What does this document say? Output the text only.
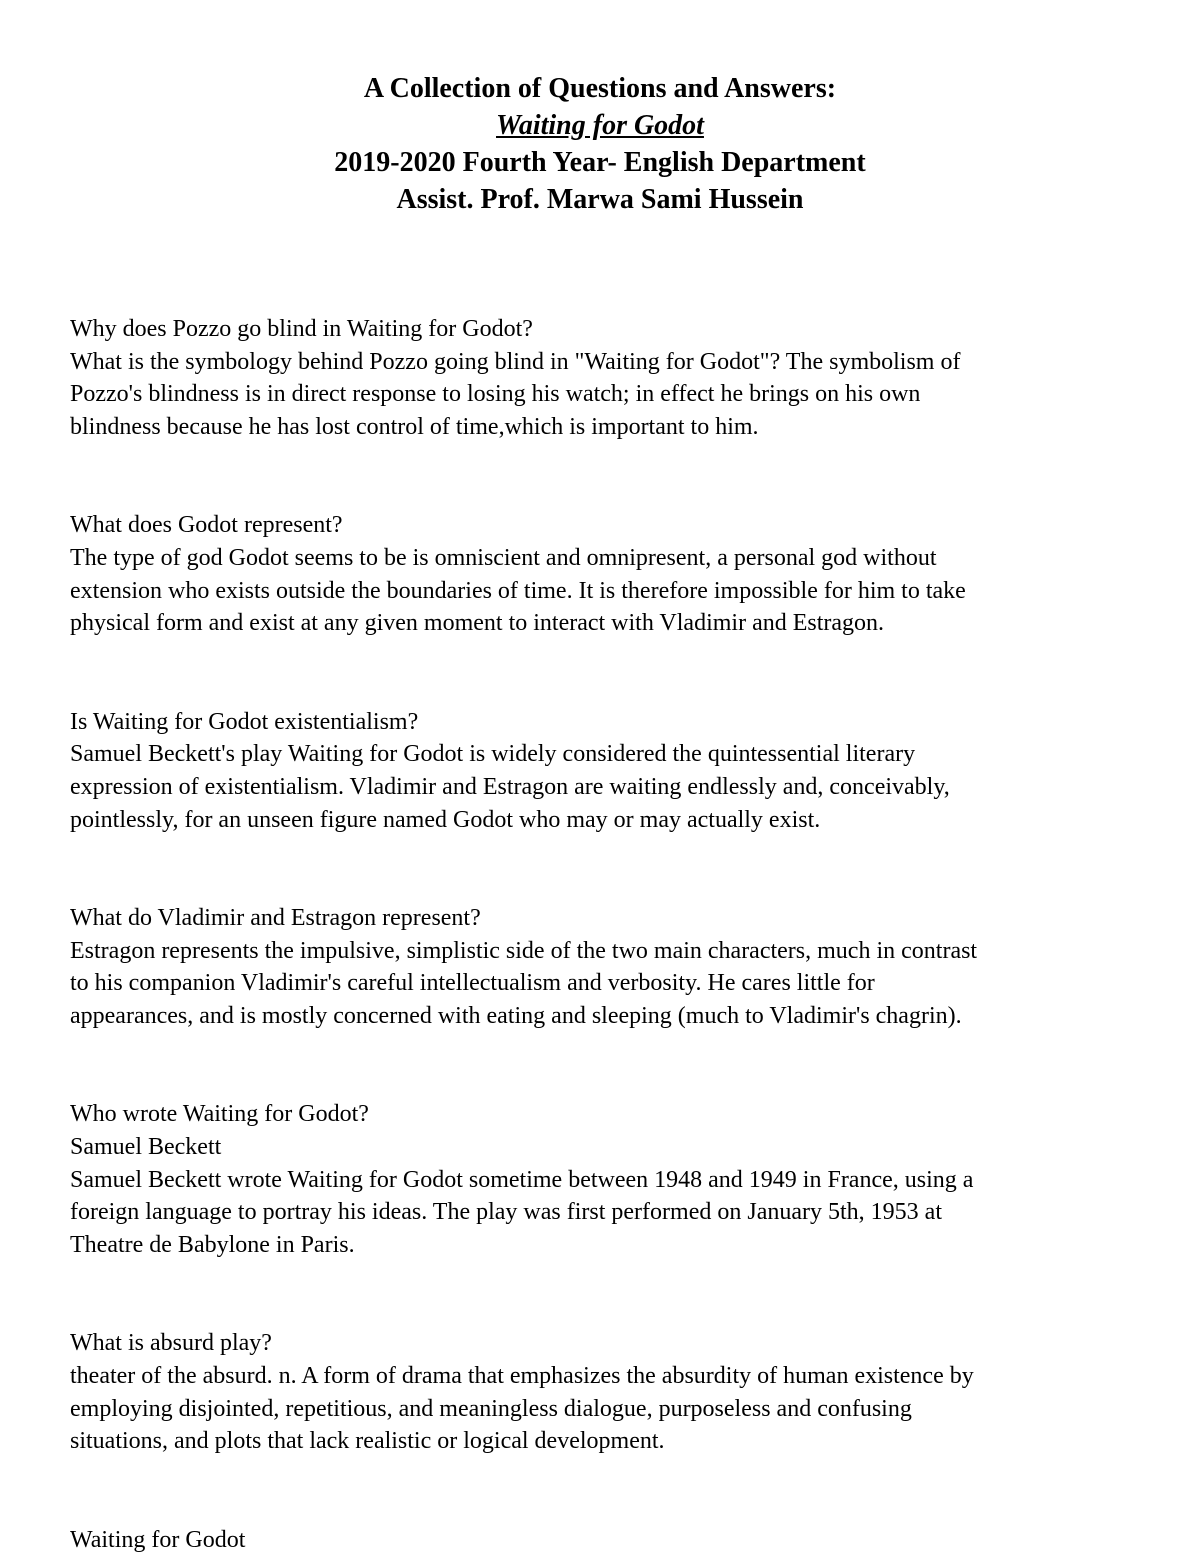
A Collection of Questions and Answers:
Waiting for Godot
2019-2020 Fourth Year- English Department
Assist. Prof. Marwa Sami Hussein

Why does Pozzo go blind in Waiting for Godot?

What is the symbology behind Pozzo going blind in "Waiting for Godot"? The symbolism of

Pozzo's blindness is in direct response to losing his watch; in effect he brings on his own

blindness because he has lost control of time,which is important to him.

What does Godot represent?

The type of god Godot seems to be is omniscient and omnipresent, a personal god without

extension who exists outside the boundaries of time. It is therefore impossible for him to take

physical form and exist at any given moment to interact with Vladimir and Estragon.

Is Waiting for Godot existentialism?

Samuel Beckett's play Waiting for Godot is widely considered the quintessential literary

expression of existentialism. Vladimir and Estragon are waiting endlessly and, conceivably,

pointlessly, for an unseen figure named Godot who may or may actually exist.

What do Vladimir and Estragon represent?

Estragon represents the impulsive, simplistic side of the two main characters, much in contrast

to his companion Vladimir's careful intellectualism and verbosity. He cares little for

appearances, and is mostly concerned with eating and sleeping (much to Vladimir's chagrin).

Who wrote Waiting for Godot?

Samuel Beckett

Samuel Beckett wrote Waiting for Godot sometime between 1948 and 1949 in France, using a

foreign language to portray his ideas. The play was first performed on January 5th, 1953 at

Theatre de Babylone in Paris.

What is absurd play?

theater of the absurd. n. A form of drama that emphasizes the absurdity of human existence by

employing disjointed, repetitious, and meaningless dialogue, purposeless and confusing

situations, and plots that lack realistic or logical development.

Waiting for Godot
